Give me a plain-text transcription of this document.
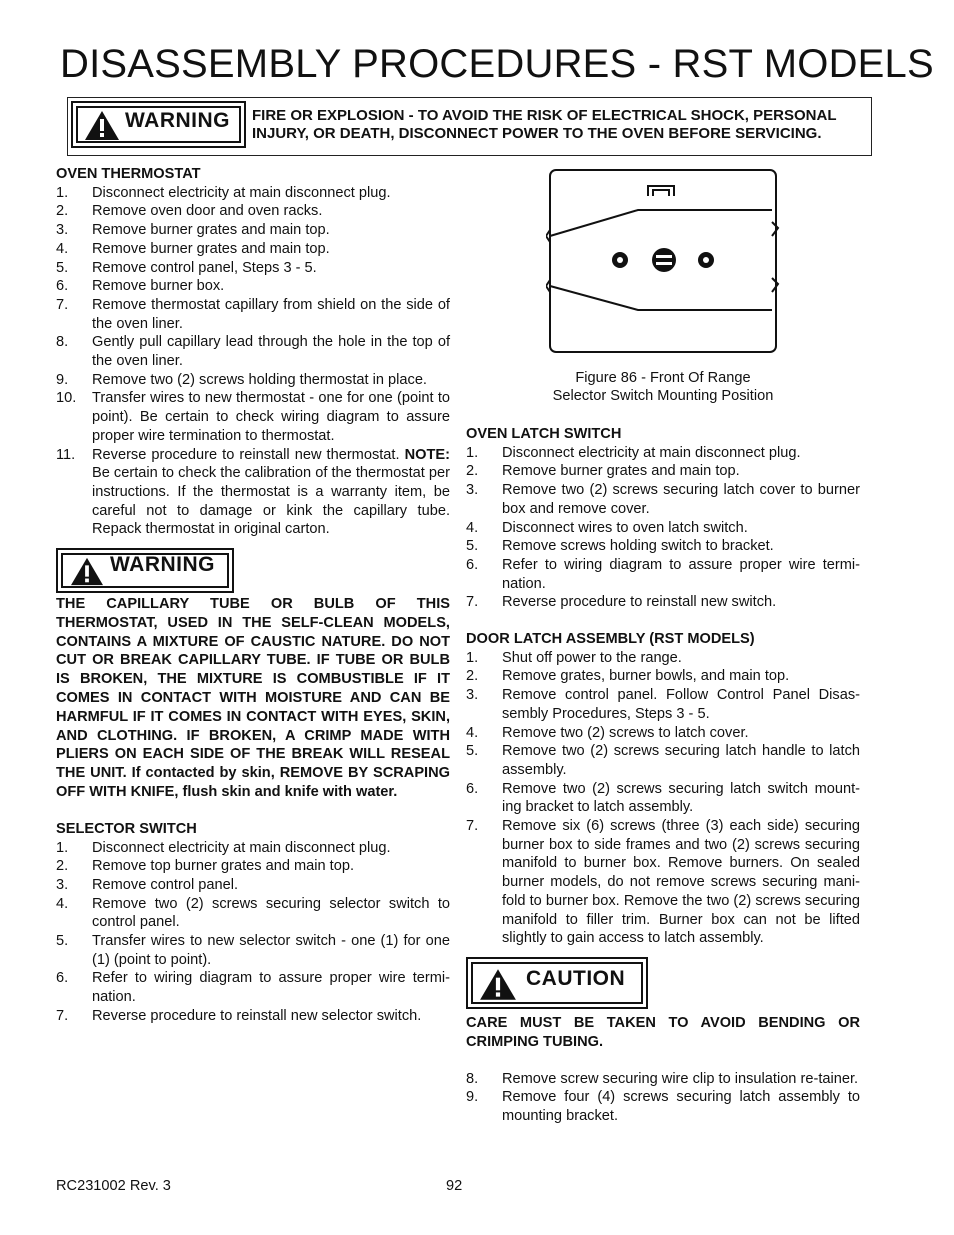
DISASSEMBLY PROCEDURES - RST MODELS
WARNING FIRE OR EXPLOSION - TO AVOID THE RISK OF ELECTRICAL SHOCK, PERSONAL
INJURY, OR DEATH, DISCONNECT POWER TO THE OVEN BEFORE SERVICING.
OVEN THERMOSTAT
1. Disconnect electricity at main disconnect plug.
2. Remove oven door and oven racks.
3. Remove burner grates and main top.
4. Remove burner grates and main top.
5. Remove control panel, Steps 3 - 5.
6. Remove burner box.
7. Remove thermostat capillary from shield on the side of the oven liner.
8. Gently pull capillary lead through the hole in the top of the oven liner.
9. Remove two (2) screws holding thermostat in place.
10. Transfer wires to new thermostat - one for one (point to point). Be certain to check wiring diagram to assure proper wire termination to thermostat.
11. Reverse procedure to reinstall new thermostat. NOTE: Be certain to check the calibration of the thermostat per instructions. If the thermostat is a warranty item, be careful not to damage or kink the capillary tube. Repack thermostat in original carton.
WARNING
THE CAPILLARY TUBE OR BULB OF THIS THERMOSTAT, USED IN THE SELF-CLEAN MODELS, CONTAINS A MIXTURE OF CAUSTIC NATURE. DO NOT CUT OR BREAK CAPILLARY TUBE. IF TUBE OR BULB IS BROKEN, THE MIXTURE IS COMBUSTIBLE IF IT COMES IN CONTACT WITH MOISTURE AND CAN BE HARMFUL IF IT COMES IN CONTACT WITH EYES, SKIN, AND CLOTHING. IF BROKEN, A CRIMP MADE WITH PLIERS ON EACH SIDE OF THE BREAK WILL RESEAL THE UNIT. If contacted by skin, REMOVE BY SCRAPING OFF WITH KNIFE, flush skin and knife with water.
SELECTOR SWITCH
1. Disconnect electricity at main disconnect plug.
2. Remove top burner grates and main top.
3. Remove control panel.
4. Remove two (2) screws securing selector switch to control panel.
5. Transfer wires to new selector switch - one (1) for one (1) (point to point).
6. Refer to wiring diagram to assure proper wire termi-nation.
7. Reverse procedure to reinstall new selector switch.
Figure 86 - Front Of Range
Selector Switch Mounting Position
OVEN LATCH SWITCH
1. Disconnect electricity at main disconnect plug.
2. Remove burner grates and main top.
3. Remove two (2) screws securing latch cover to burner box and remove cover.
4. Disconnect wires to oven latch switch.
5. Remove screws holding switch to bracket.
6. Refer to wiring diagram to assure proper wire termi-nation.
7. Reverse procedure to reinstall new switch.
DOOR LATCH ASSEMBLY (RST MODELS)
1. Shut off power to the range.
2. Remove grates, burner bowls, and main top.
3. Remove control panel. Follow Control Panel Disas-sembly Procedures, Steps 3 - 5.
4. Remove two (2) screws to latch cover.
5. Remove two (2) screws securing latch handle to latch assembly.
6. Remove two (2) screws securing latch switch mount-ing bracket to latch assembly.
7. Remove six (6) screws (three (3) each side) securing burner box to side frames and two (2) screws securing manifold to burner box. Remove burners. On sealed burner models, do not remove screws securing mani-fold to burner box. Remove the two (2) screws securing manifold to filler trim. Burner box can not be lifted slightly to gain access to latch assembly.
CAUTION
CARE MUST BE TAKEN TO AVOID BENDING OR CRIMPING TUBING.
8. Remove screw securing wire clip to insulation re-tainer.
9. Remove four (4) screws securing latch assembly to mounting bracket.
RC231002 Rev. 3	92
